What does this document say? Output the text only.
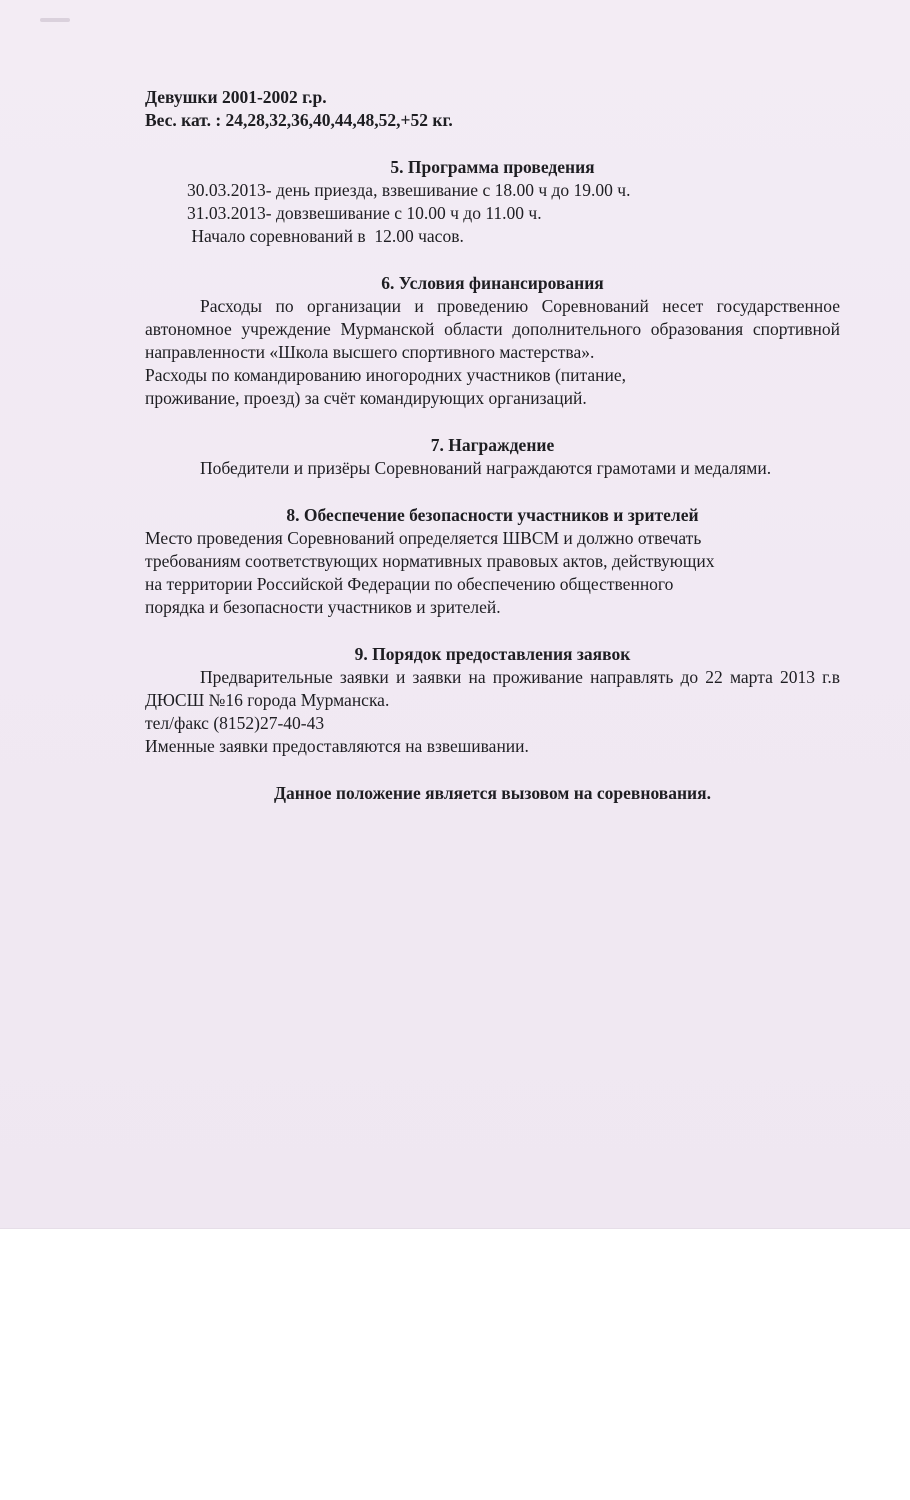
Девушки 2001-2002 г.р.

Вес. кат. : 24,28,32,36,40,44,48,52,+52 кг.

5. Программа проведения

30.03.2013- день приезда, взвешивание с 18.00 ч до 19.00 ч.

31.03.2013- довзвешивание с 10.00 ч до 11.00 ч.

Начало соревнований в  12.00 часов.

6. Условия финансирования

Расходы по организации и проведению Соревнований несет государственное автономное учреждение Мурманской области дополнительного образования спортивной направленности «Школа высшего спортивного мастерства».

Расходы по командированию иногородних участников (питание,

проживание, проезд) за счёт командирующих организаций.

7. Награждение

Победители и призёры Соревнований награждаются грамотами и медалями.

8. Обеспечение безопасности участников и зрителей

Место проведения Соревнований определяется ШВСМ и должно отвечать

требованиям соответствующих нормативных правовых актов, действующих

на территории Российской Федерации по обеспечению общественного

порядка и безопасности участников и зрителей.

9. Порядок предоставления заявок

Предварительные заявки и заявки на проживание направлять до 22 марта 2013 г.в ДЮСШ №16 города Мурманска.

тел/факс (8152)27-40-43

Именные заявки предоставляются на взвешивании.

Данное положение является вызовом на соревнования.
